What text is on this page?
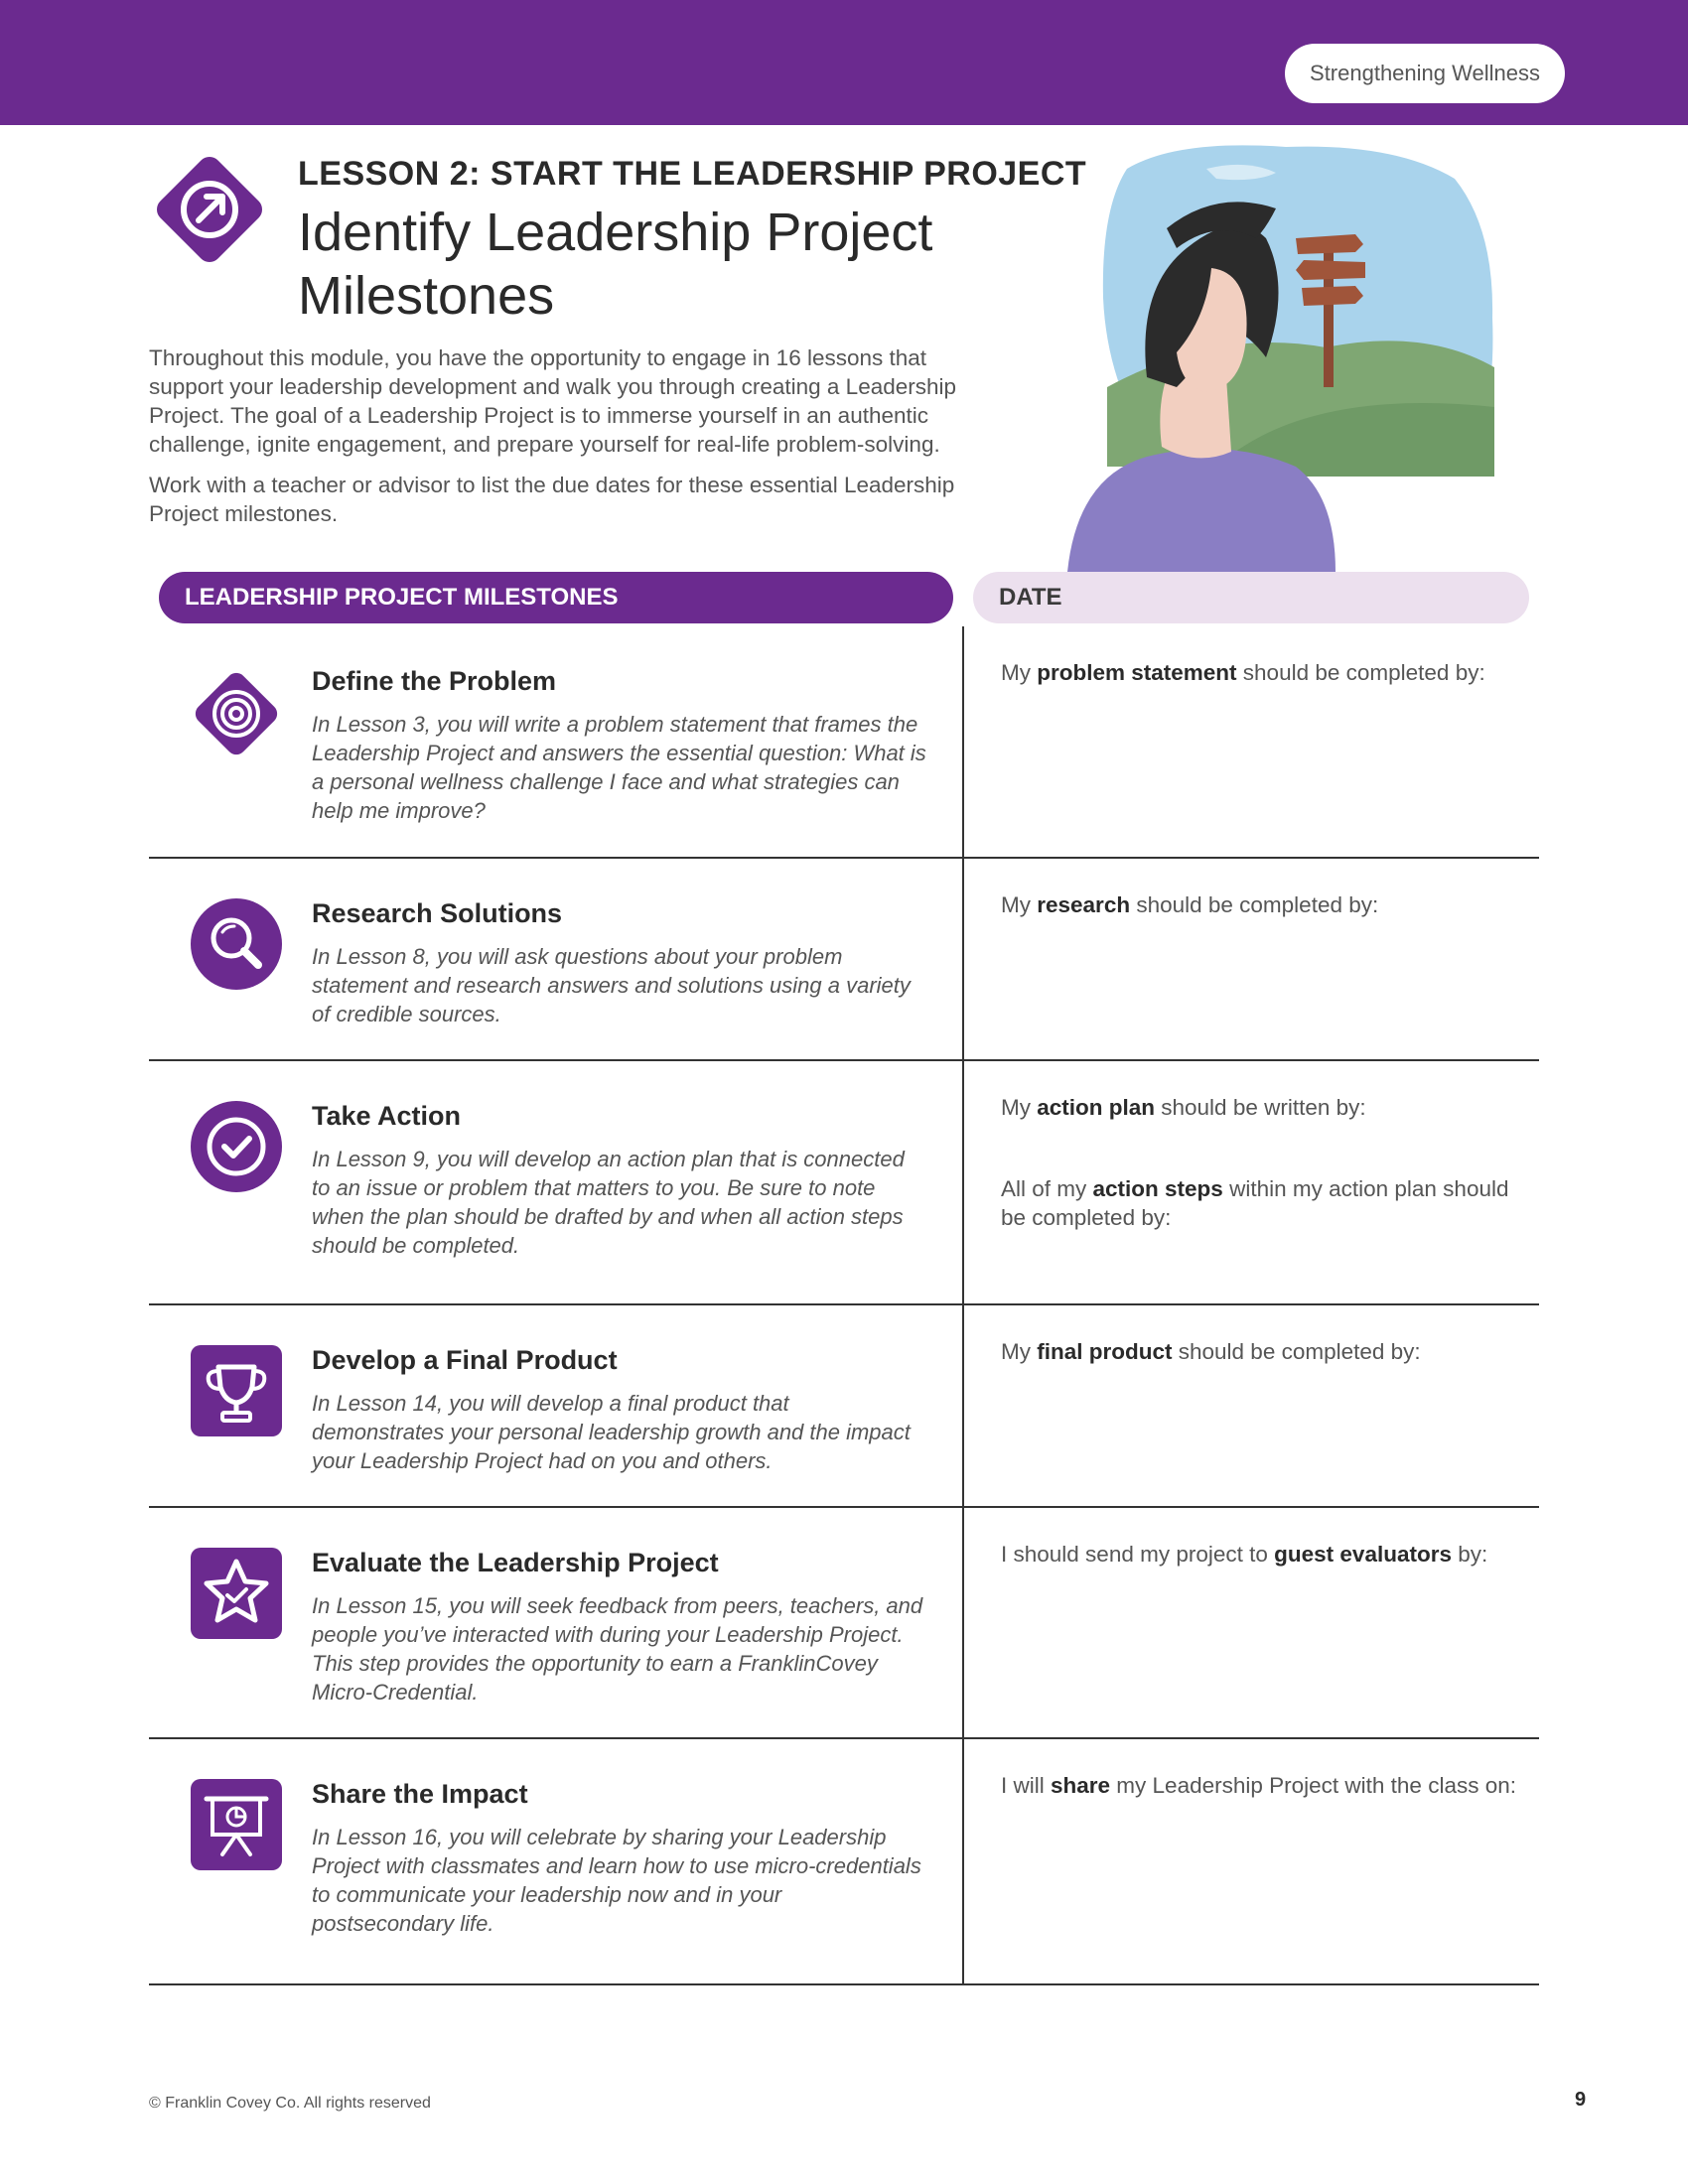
Strengthening Wellness
LESSON 2: START THE LEADERSHIP PROJECT
Identify Leadership Project Milestones

Throughout this module, you have the opportunity to engage in 16 lessons that support your leadership development and walk you through creating a Leadership Project. The goal of a Leadership Project is to immerse yourself in an authentic challenge, ignite engagement, and prepare yourself for real-life problem-solving.

Work with a teacher or advisor to list the due dates for these essential Leadership Project milestones.

LEADERSHIP PROJECT MILESTONES	DATE
Define the Problem
In Lesson 3, you will write a problem statement that frames the Leadership Project and answers the essential question: What is a personal wellness challenge I face and what strategies can help me improve?

My problem statement should be completed by:

Research Solutions
In Lesson 8, you will ask questions about your problem statement and research answers and solutions using a variety of credible sources.

My research should be completed by:

Take Action
In Lesson 9, you will develop an action plan that is connected to an issue or problem that matters to you. Be sure to note when the plan should be drafted by and when all action steps should be completed.

My action plan should be written by:

All of my action steps within my action plan should be completed by:

Develop a Final Product
In Lesson 14, you will develop a final product that demonstrates your personal leadership growth and the impact your Leadership Project had on you and others.

My final product should be completed by:

Evaluate the Leadership Project
In Lesson 15, you will seek feedback from peers, teachers, and people you’ve interacted with during your Leadership Project. This step provides the opportunity to earn a FranklinCovey Micro-Credential.

I should send my project to guest evaluators by:

Share the Impact
In Lesson 16, you will celebrate by sharing your Leadership Project with classmates and learn how to use micro-credentials to communicate your leadership now and in your postsecondary life.

I will share my Leadership Project with the class on:

© Franklin Covey Co. All rights reserved	9
